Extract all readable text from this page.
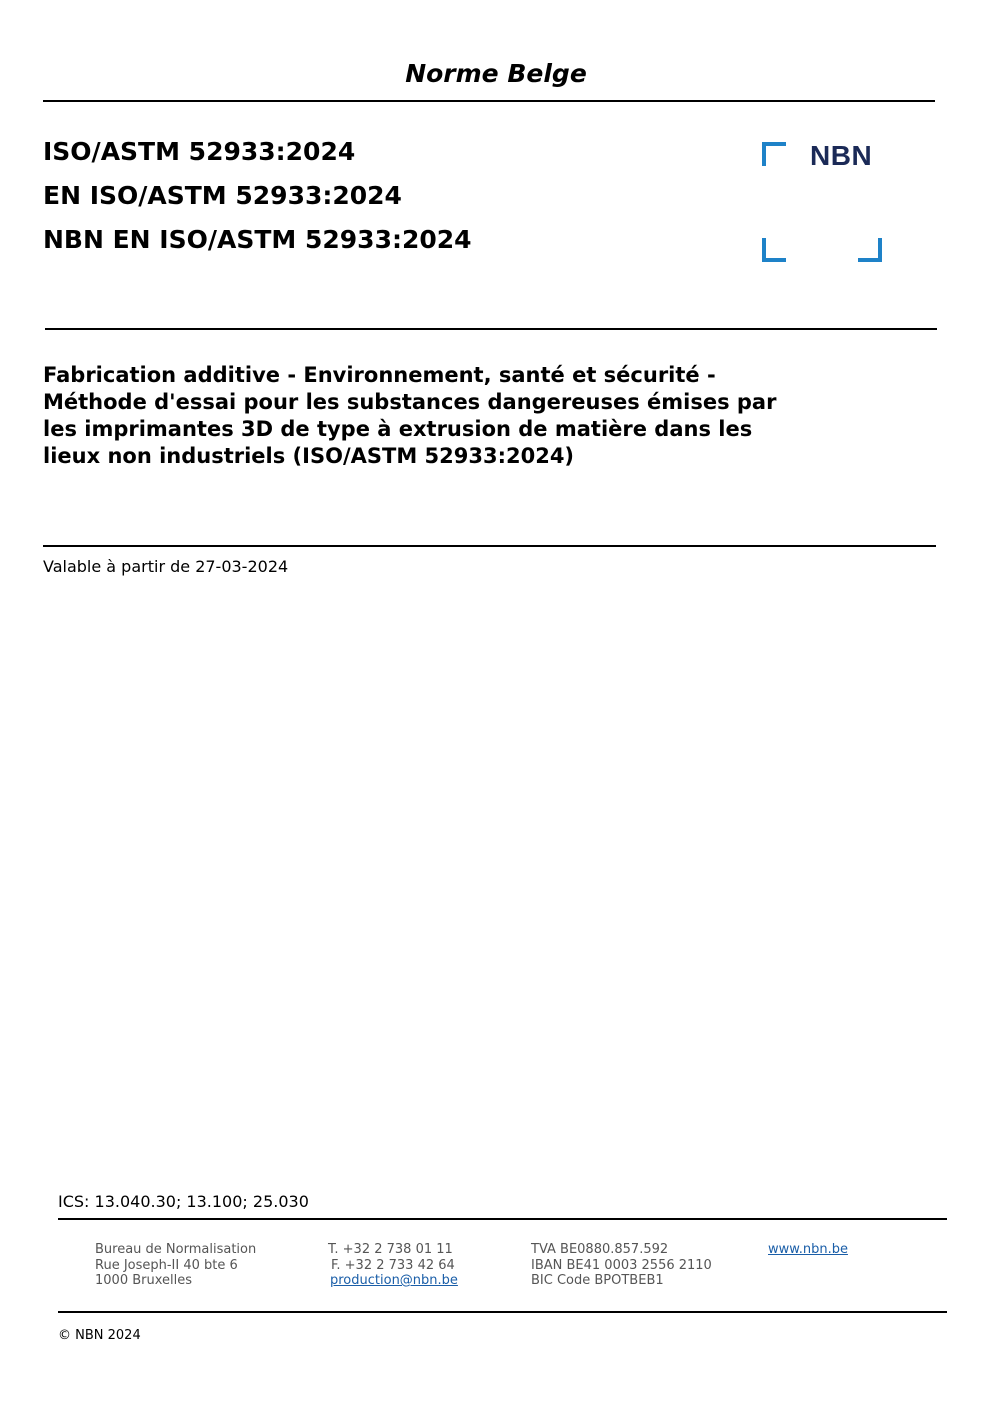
Norme Belge
ISO/ASTM 52933:2024
EN ISO/ASTM 52933:2024
NBN EN ISO/ASTM 52933:2024
NBN
Fabrication additive - Environnement, santé et sécurité -
Méthode d'essai pour les substances dangereuses émises par
les imprimantes 3D de type à extrusion de matière dans les
lieux non industriels (ISO/ASTM 52933:2024)
Valable à partir de 27-03-2024
ICS: 13.040.30; 13.100; 25.030
Bureau de Normalisation
Rue Joseph-II 40 bte 6
1000 Bruxelles
T. +32 2 738 01 11
F. +32 2 733 42 64
production@nbn.be
TVA BE0880.857.592
IBAN BE41 0003 2556 2110
BIC Code BPOTBEB1
www.nbn.be
© NBN 2024
